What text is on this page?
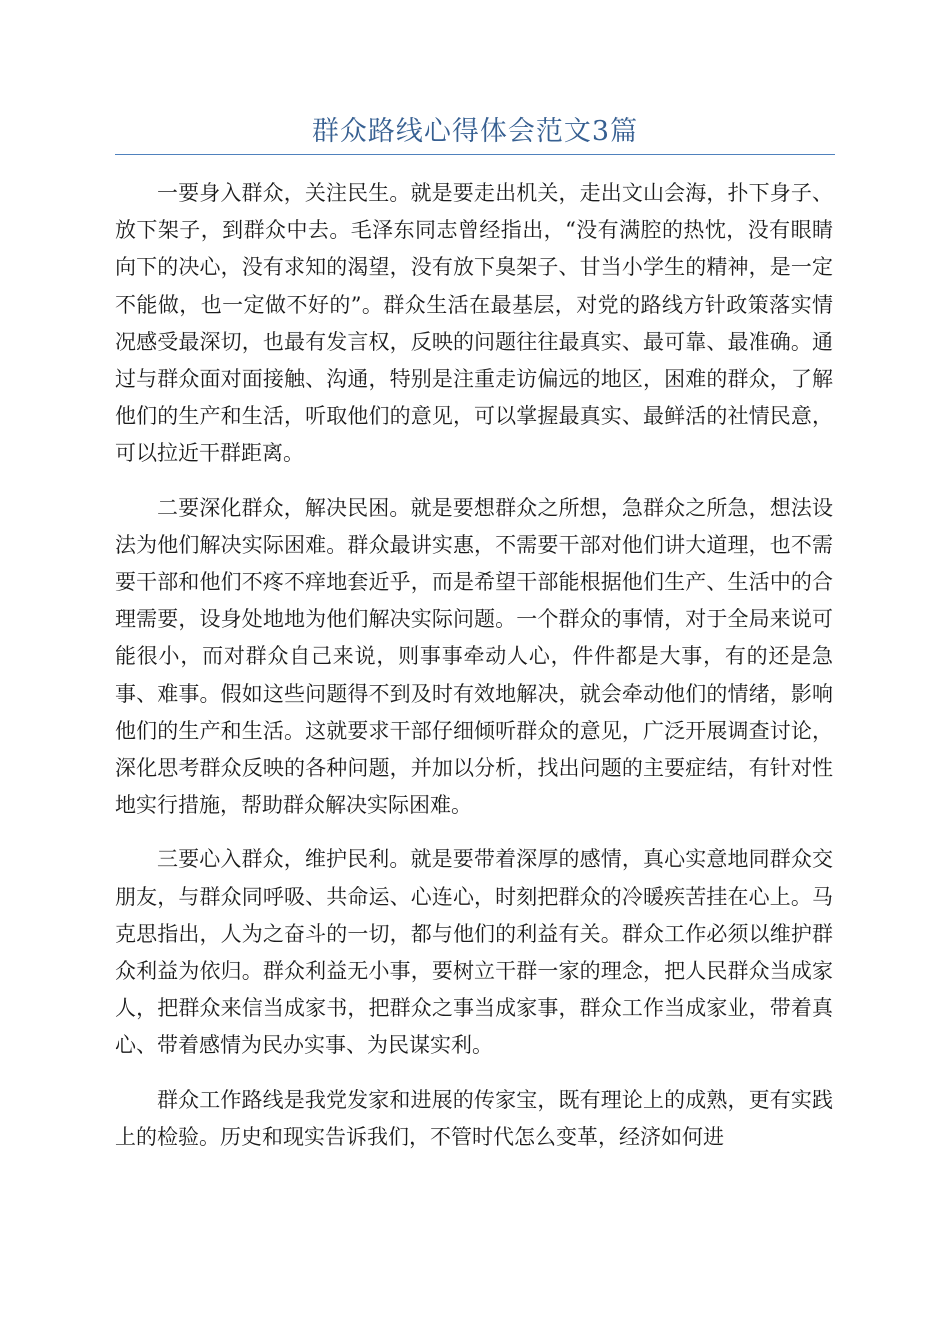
群众路线心得体会范文3篇

一要身入群众，关注民生。就是要走出机关，走出文山会海，扑下身子、放下架子，到群众中去。毛泽东同志曾经指出，“没有满腔的热忱，没有眼睛向下的决心，没有求知的渴望，没有放下臭架子、甘当小学生的精神，是一定不能做，也一定做不好的”。群众生活在最基层，对党的路线方针政策落实情况感受最深切，也最有发言权，反映的问题往往最真实、最可靠、最准确。通过与群众面对面接触、沟通，特别是注重走访偏远的地区，困难的群众，了解他们的生产和生活，听取他们的意见，可以掌握最真实、最鲜活的社情民意，可以拉近干群距离。

二要深化群众，解决民困。就是要想群众之所想，急群众之所急，想法设法为他们解决实际困难。群众最讲实惠，不需要干部对他们讲大道理，也不需要干部和他们不疼不痒地套近乎，而是希望干部能根据他们生产、生活中的合理需要，设身处地地为他们解决实际问题。一个群众的事情，对于全局来说可能很小，而对群众自己来说，则事事牵动人心，件件都是大事，有的还是急事、难事。假如这些问题得不到及时有效地解决，就会牵动他们的情绪，影响他们的生产和生活。这就要求干部仔细倾听群众的意见，广泛开展调查讨论，深化思考群众反映的各种问题，并加以分析，找出问题的主要症结，有针对性地实行措施，帮助群众解决实际困难。

三要心入群众，维护民利。就是要带着深厚的感情，真心实意地同群众交朋友，与群众同呼吸、共命运、心连心，时刻把群众的冷暖疾苦挂在心上。马克思指出，人为之奋斗的一切，都与他们的利益有关。群众工作必须以维护群众利益为依归。群众利益无小事，要树立干群一家的理念，把人民群众当成家人，把群众来信当成家书，把群众之事当成家事，群众工作当成家业，带着真心、带着感情为民办实事、为民谋实利。

群众工作路线是我党发家和进展的传家宝，既有理论上的成熟，更有实践上的检验。历史和现实告诉我们，不管时代怎么变革，经济如何进
